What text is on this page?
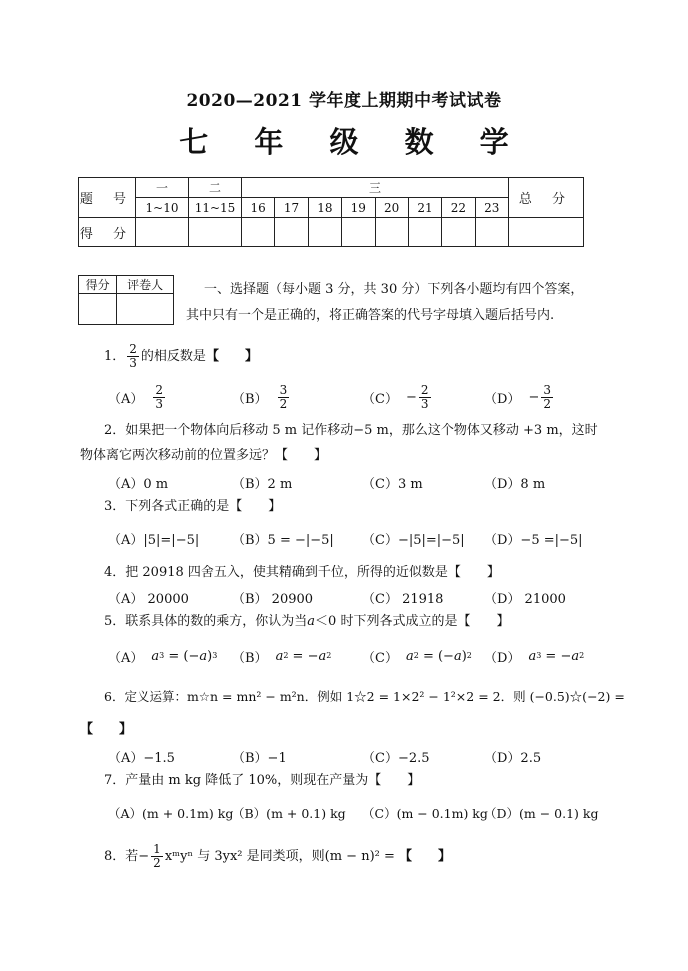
2020—2021 学年度上期期中考试试卷
七 年 级 数 学
题 号	一	二	三								总 分
	1~10	11~15	16	17	18	19	20	21	22	23	
得 分											
得分	评卷人
		一、选择题（每小题 3 分，共 30 分）下列各小题均有四个答案，
其中只有一个是正确的，将正确答案的代号字母填入题后括号内.
1． $\frac{2}{3}$ 的相反数是【　　】
$(A) \frac{2}{3}$	$(B) \frac{3}{2}$	$(C) - \frac{2}{3}$	$(D) - \frac{3}{2}$
2．如果把一个物体向后移动 5 m 记作移动−5 m，那么这个物体又移动 +3 m，这时
物体离它两次移动前的位置多远？【　　】
（A）0 m	（B）2 m	（C）3 m	（D）8 m
3．下列各式正确的是【　　】
（A）|5|=|−5|	（B）5 = −|−5| （C）−|5|=|−5| （D）−5 =|−5|
4．把 20918 四舍五入，使其精确到千位，所得的近似数是【　　】
（A） 20000	（B） 20900	（C） 21918	（D） 21000
5．联系具体的数的乘方，你认为当a＜0 时下列各式成立的是【　　】
（A） a 3 = (− a ) 3 （B） a 2 = − a 2 （C） a 2 = (− a ) 2 （D） a 3 = − a 2
6．定义运算：m☆n = mn² − m²n．例如 1☆2 = 1×2² − 1²×2 = 2．则 (−0.5)☆(−2) =
【　　】
（A）−1.5	（B）−1	（C）−2.5	（D）2.5
7．产量由 m kg 降低了 10%，则现在产量为【　　】
（A）(m + 0.1m) kg
（B）(m + 0.1) kg （C）(m − 0.1m) kg
（D）(m − 0.1) kg
8．若− $\frac{1}{2}$ xᵐyⁿ 与 3yx² 是同类项，则(m − n)² =
【　　】
